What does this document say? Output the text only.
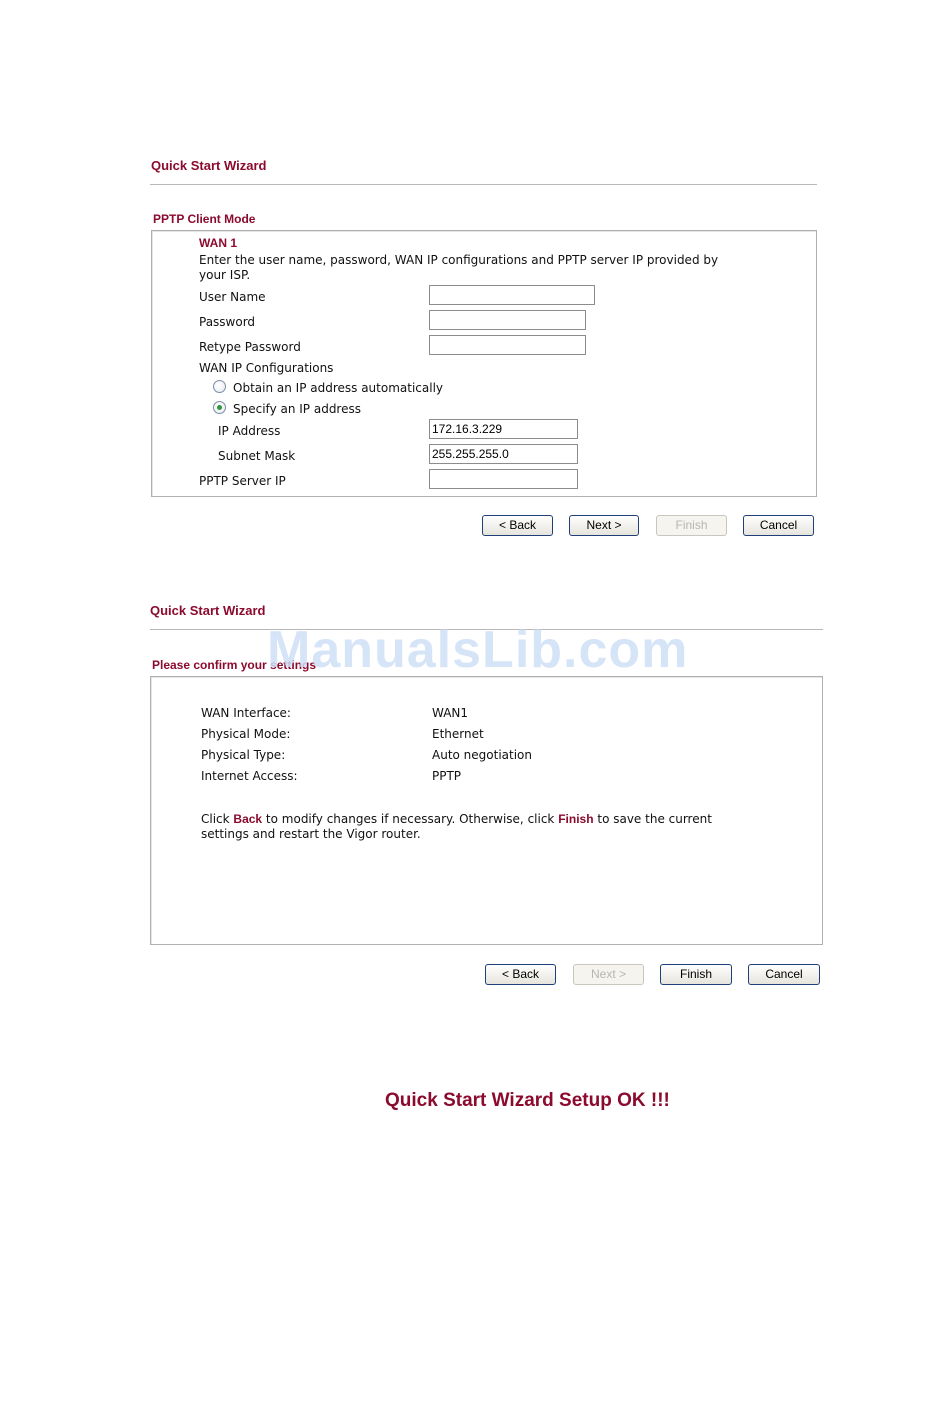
Quick Start Wizard
PPTP Client Mode
WAN 1
Enter the user name, password, WAN IP configurations and PPTP server IP provided by
your ISP.
User Name
Password
Retype Password
WAN IP Configurations
Obtain an IP address automatically
Specify an IP address
IP Address	172.16.3.229
Subnet Mask	255.255.255.0
PPTP Server IP
< Back	Next >	Finish	Cancel
Quick Start Wizard
Please confirm your settings
ManualsLib.com
WAN Interface:	WAN1
Physical Mode:	Ethernet
Physical Type:	Auto negotiation
Internet Access:	PPTP
Click Back to modify changes if necessary. Otherwise, click Finish to save the current
settings and restart the Vigor router.
< Back	Next >	Finish	Cancel
Quick Start Wizard Setup OK !!!
